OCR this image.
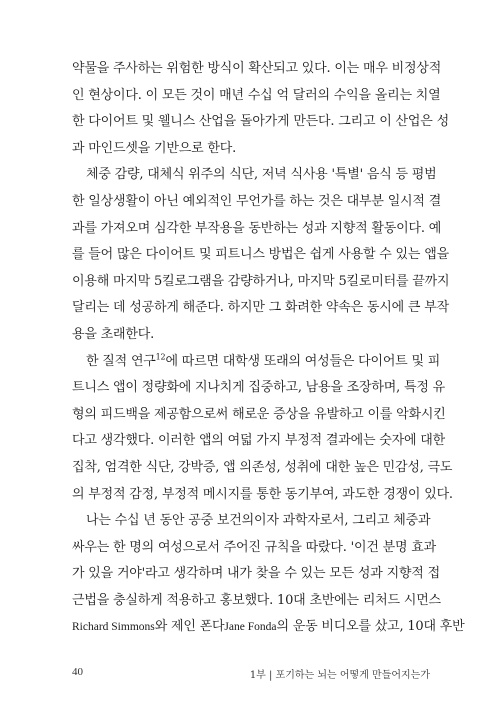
약물을 주사하는 위험한 방식이 확산되고 있다. 이는 매우 비정상적
인 현상이다. 이 모든 것이 매년 수십 억 달러의 수익을 올리는 치열
한 다이어트 및 웰니스 산업을 돌아가게 만든다. 그리고 이 산업은 성
과 마인드셋을 기반으로 한다.

체중 감량, 대체식 위주의 식단, 저녁 식사용 '특별' 음식 등 평범
한 일상생활이 아닌 예외적인 무언가를 하는 것은 대부분 일시적 결
과를 가져오며 심각한 부작용을 동반하는 성과 지향적 활동이다. 예
를 들어 많은 다이어트 및 피트니스 방법은 쉽게 사용할 수 있는 앱을
이용해 마지막 5킬로그램을 감량하거나, 마지막 5킬로미터를 끝까지
달리는 데 성공하게 해준다. 하지만 그 화려한 약속은 동시에 큰 부작
용을 초래한다.

한 질적 연구$^{12}$에 따르면 대학생 또래의 여성들은 다이어트 및 피
트니스 앱이 정량화에 지나치게 집중하고, 남용을 조장하며, 특정 유
형의 피드백을 제공함으로써 해로운 증상을 유발하고 이를 악화시킨
다고 생각했다. 이러한 앱의 여덟 가지 부정적 결과에는 숫자에 대한
집착, 엄격한 식단, 강박증, 앱 의존성, 성취에 대한 높은 민감성, 극도
의 부정적 감정, 부정적 메시지를 통한 동기부여, 과도한 경쟁이 있다.

나는 수십 년 동안 공중 보건의이자 과학자로서, 그리고 체중과
싸우는 한 명의 여성으로서 주어진 규칙을 따랐다. '이건 분명 효과
가 있을 거야'라고 생각하며 내가 찾을 수 있는 모든 성과 지향적 접
근법을 충실하게 적용하고 홍보했다. 10대 초반에는 리처드 시먼스
Richard Simmons와 제인 폰다Jane Fonda의 운동 비디오를 샀고, 10대 후반

40	1부 | 포기하는 뇌는 어떻게 만들어지는가
